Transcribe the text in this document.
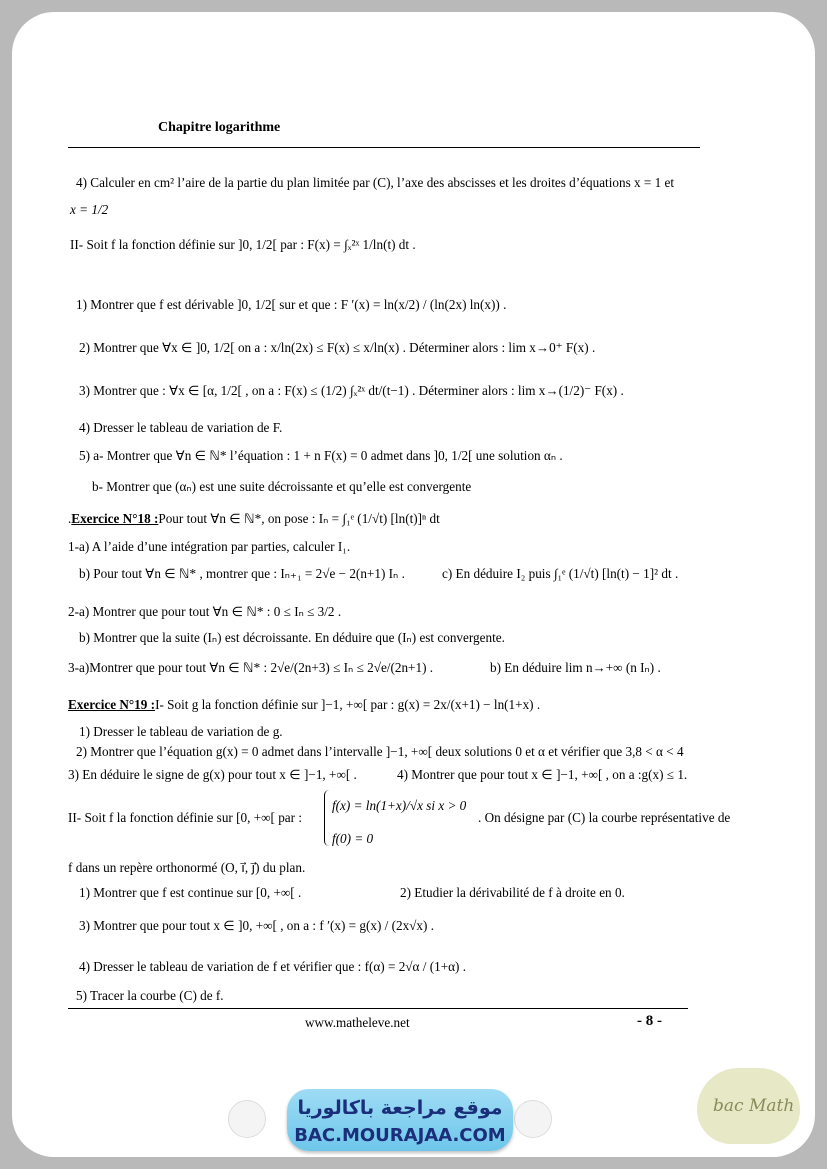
Chapitre logarithme
4) Calculer en cm² l’aire de la partie du plan limitée par (C), l’axe des abscisses et les droites d’équations x = 1 et
x = 1/2
II- Soit f la fonction définie sur ]0, 1/2[ par : F(x) = ∫ₓ²ˣ 1/ln(t) dt .
1) Montrer que f est dérivable ]0, 1/2[ sur et que : F ′(x) = ln(x/2) / (ln(2x) ln(x)) .
2) Montrer que ∀x ∈ ]0, 1/2[ on a : x/ln(2x) ≤ F(x) ≤ x/ln(x) . Déterminer alors : lim x→0⁺ F(x) .
3) Montrer que : ∀x ∈ [α, 1/2[ , on a : F(x) ≤ (1/2) ∫ₓ²ˣ dt/(t−1) . Déterminer alors : lim x→(1/2)⁻ F(x) .
4) Dresser le tableau de variation de F.
5) a- Montrer que ∀n ∈ ℕ* l’équation : 1 + n F(x) = 0 admet dans ]0, 1/2[ une solution αₙ .
b- Montrer que (αₙ) est une suite décroissante et qu’elle est convergente
.Exercice N°18 :Pour tout ∀n ∈ ℕ*, on pose : Iₙ = ∫₁ᵉ (1/√t) [ln(t)]ⁿ dt
1-a) A l’aide d’une intégration par parties, calculer I₁.
b) Pour tout ∀n ∈ ℕ* , montrer que : Iₙ₊₁ = 2√e − 2(n+1) Iₙ .	c) En déduire I₂ puis ∫₁ᵉ (1/√t) [ln(t) − 1]² dt .
2-a) Montrer que pour tout ∀n ∈ ℕ* : 0 ≤ Iₙ ≤ 3/2 .
b) Montrer que la suite (Iₙ) est décroissante. En déduire que (Iₙ) est convergente.
3-a)Montrer que pour tout ∀n ∈ ℕ* : 2√e/(2n+3) ≤ Iₙ ≤ 2√e/(2n+1) .	b) En déduire lim n→+∞ (n Iₙ) .
Exercice N°19 :I- Soit g la fonction définie sur ]−1, +∞[ par : g(x) = 2x/(x+1) − ln(1+x) .
1) Dresser le tableau de variation de g.
2) Montrer que l’équation g(x) = 0 admet dans l’intervalle ]−1, +∞[ deux solutions 0 et α et vérifier que 3,8 < α < 4
3) En déduire le signe de g(x) pour tout x ∈ ]−1, +∞[ .	4) Montrer que pour tout x ∈ ]−1, +∞[ , on a :g(x) ≤ 1.
II- Soit f la fonction définie sur [0, +∞[ par :
f(x) = ln(1+x)/√x si x > 0
f(0) = 0
. On désigne par (C) la courbe représentative de
f dans un repère orthonormé (O, i⃗, j⃗) du plan.
1) Montrer que f est continue sur [0, +∞[ .	2) Etudier la dérivabilité de f à droite en 0.
3) Montrer que pour tout x ∈ ]0, +∞[ , on a : f ′(x) = g(x) / (2x√x) .
4) Dresser le tableau de variation de f et vérifier que : f(α) = 2√α / (1+α) .
5) Tracer la courbe (C) de f.
www.matheleve.net	- 8 -
موقع مراجعة باكالوريا
BAC.MOURAJAA.COM
bac Math
